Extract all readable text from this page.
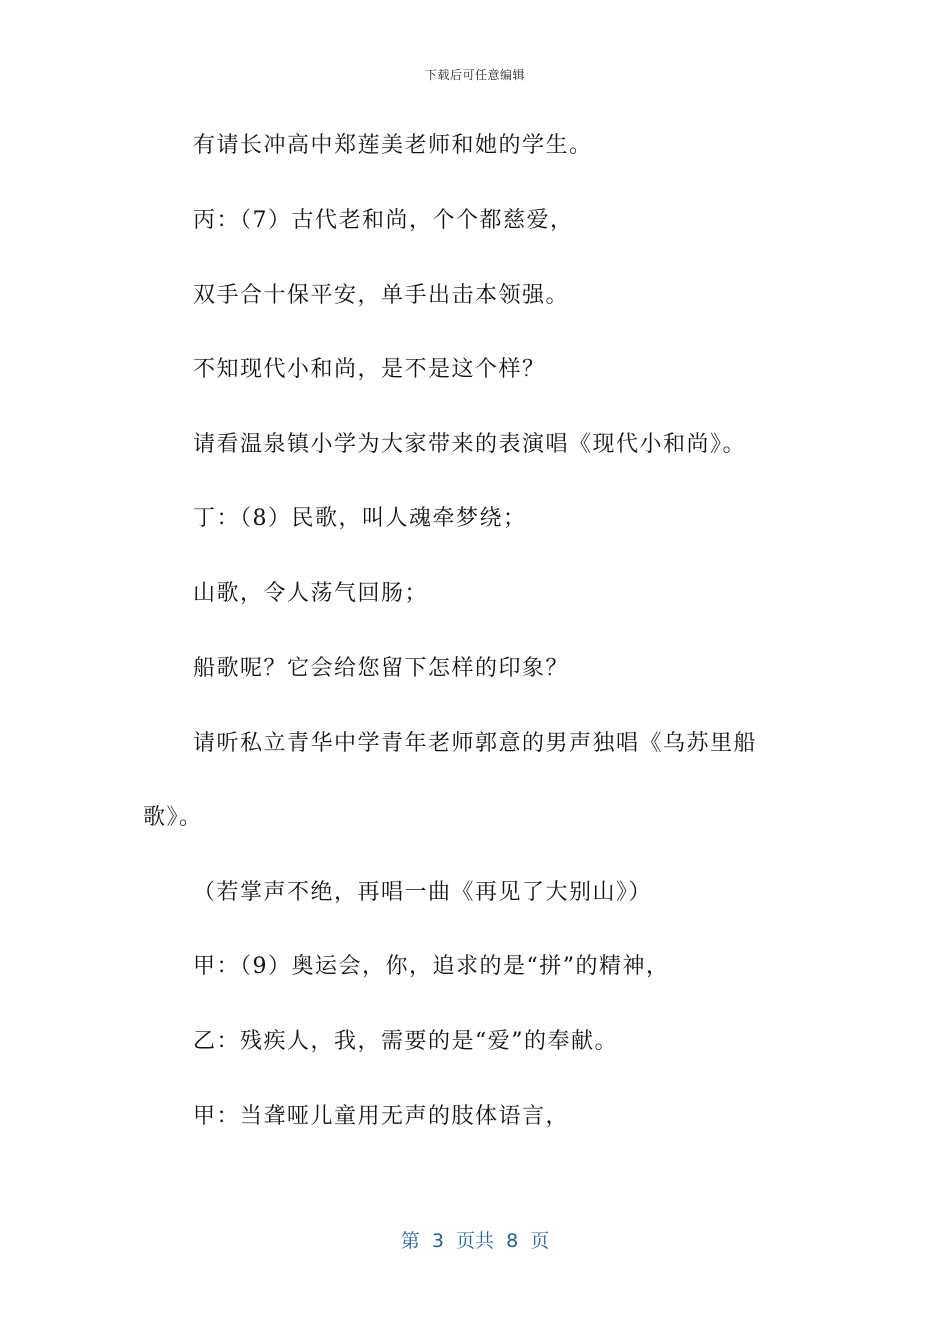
下载后可任意编辑
有请长冲高中郑莲美老师和她的学生。
丙：（7）古代老和尚，个个都慈爱，
双手合十保平安，单手出击本领强。
不知现代小和尚，是不是这个样？
请看温泉镇小学为大家带来的表演唱《现代小和尚》。
丁：（8）民歌，叫人魂牵梦绕；
山歌，令人荡气回肠；
船歌呢？它会给您留下怎样的印象？
请听私立青华中学青年老师郭意的男声独唱《乌苏里船
歌》。
（若掌声不绝，再唱一曲《再见了大别山》）
甲：（9）奥运会，你，追求的是“拼”的精神，
乙：残疾人，我，需要的是“爱”的奉献。
甲：当聋哑儿童用无声的肢体语言，
第  3  页共  8  页
